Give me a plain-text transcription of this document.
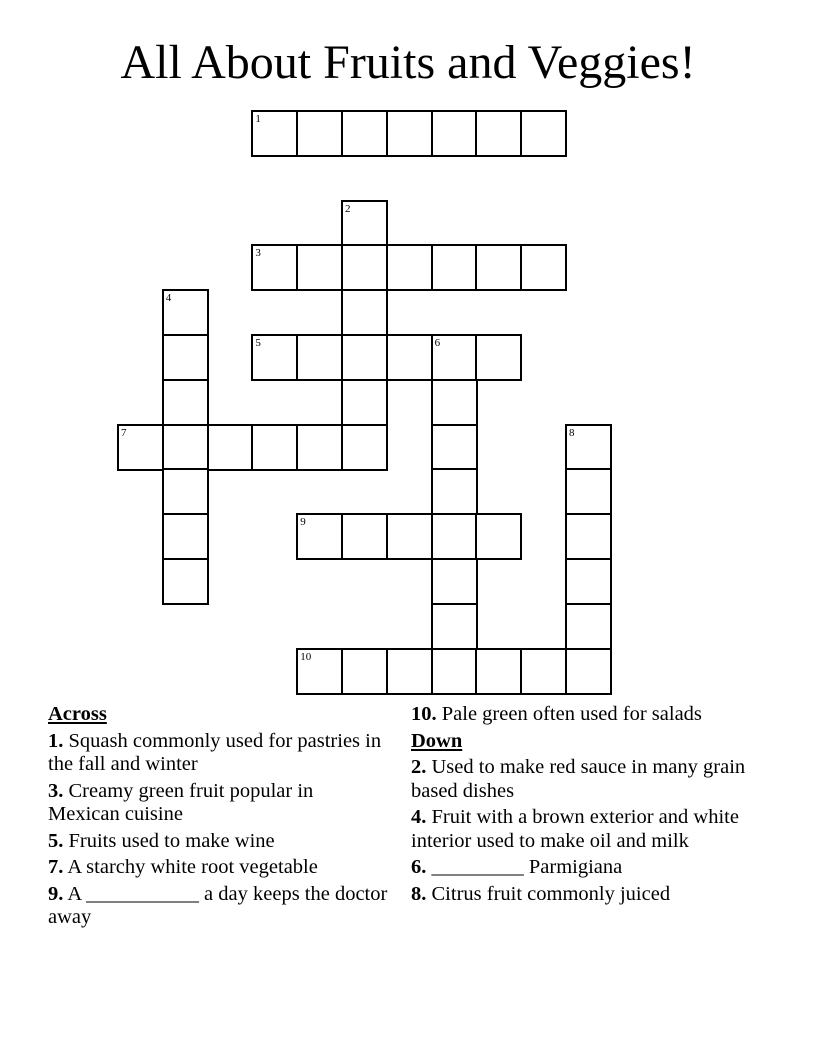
All About Fruits and Veggies!
1
2
3
4
5	6
7	8
9
10
Across
1. Squash commonly used for pastries in the fall and winter
3. Creamy green fruit popular in Mexican cuisine
5. Fruits used to make wine
7. A starchy white root vegetable
9. A ___________ a day keeps the doctor away
10. Pale green often used for salads
Down
2. Used to make red sauce in many grain based dishes
4. Fruit with a brown exterior and white interior used to make oil and milk
6. _________ Parmigiana
8. Citrus fruit commonly juiced
